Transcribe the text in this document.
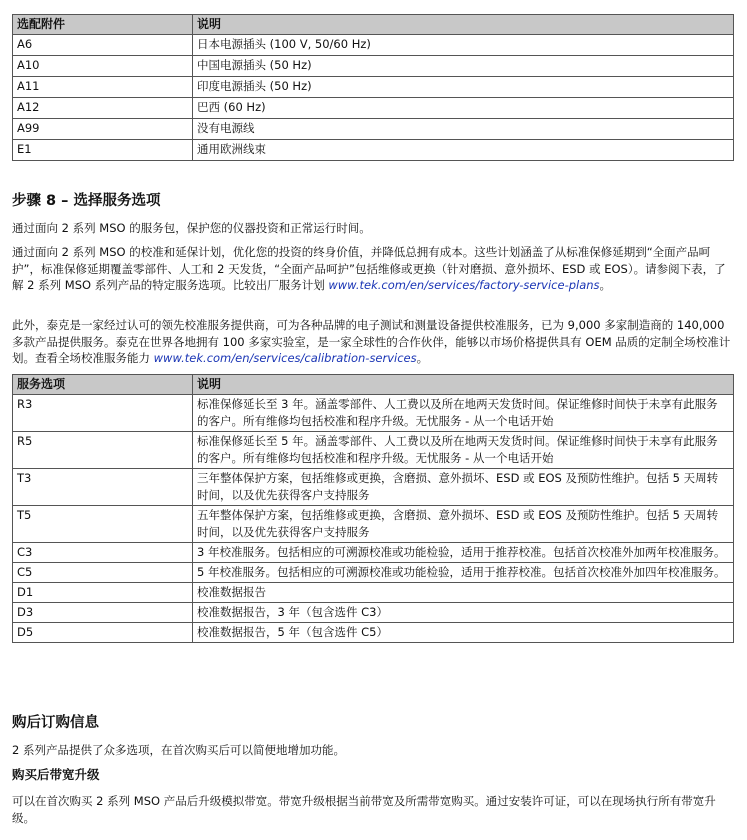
选配附件	说明
A6	日本电源插头 (100 V, 50/60 Hz)
A10	中国电源插头 (50 Hz)
A11	印度电源插头 (50 Hz)
A12	巴西 (60 Hz)
A99	没有电源线
E1	通用欧洲线束
步骤 8 – 选择服务选项

通过面向 2 系列 MSO 的服务包，保护您的仪器投资和正常运行时间。

通过面向 2 系列 MSO 的校准和延保计划，优化您的投资的终身价值，并降低总拥有成本。这些计划涵盖了从标准保修延期到“全面产品呵护”，标准保修延期覆盖零部件、人工和 2 天发货，“全面产品呵护”包括维修或更换（针对磨损、意外损坏、ESD 或 EOS）。请参阅下表，了解 2 系列 MSO 系列产品的特定服务选项。比较出厂服务计划 www.tek.com/en/services/factory-service-plans。

此外，泰克是一家经过认可的领先校准服务提供商，可为各种品牌的电子测试和测量设备提供校准服务，已为 9,000 多家制造商的 140,000 多款产品提供服务。泰克在世界各地拥有 100 多家实验室，是一家全球性的合作伙伴，能够以市场价格提供具有 OEM 品质的定制全场校准计划。查看全场校准服务能力 www.tek.com/en/services/calibration-services。

服务选项	说明
R3	标准保修延长至 3 年。涵盖零部件、人工费以及所在地两天发货时间。保证维修时间快于未享有此服务的客户。所有维修均包括校准和程序升级。无忧服务 - 从一个电话开始
R5	标准保修延长至 5 年。涵盖零部件、人工费以及所在地两天发货时间。保证维修时间快于未享有此服务的客户。所有维修均包括校准和程序升级。无忧服务 - 从一个电话开始
T3	三年整体保护方案，包括维修或更换，含磨损、意外损坏、ESD 或 EOS 及预防性维护。包括 5 天周转时间，以及优先获得客户支持服务
T5	五年整体保护方案，包括维修或更换，含磨损、意外损坏、ESD 或 EOS 及预防性维护。包括 5 天周转时间，以及优先获得客户支持服务
C3	3 年校准服务。包括相应的可溯源校准或功能检验，适用于推荐校准。包括首次校准外加两年校准服务。
C5	5 年校准服务。包括相应的可溯源校准或功能检验，适用于推荐校准。包括首次校准外加四年校准服务。
D1	校准数据报告
D3	校准数据报告，3 年（包含选件 C3）
D5	校准数据报告，5 年（包含选件 C5）
购后订购信息

2 系列产品提供了众多选项，在首次购买后可以简便地增加功能。

购买后带宽升级

可以在首次购买 2 系列 MSO 产品后升级模拟带宽。带宽升级根据当前带宽及所需带宽购买。通过安装许可证，可以在现场执行所有带宽升级。
